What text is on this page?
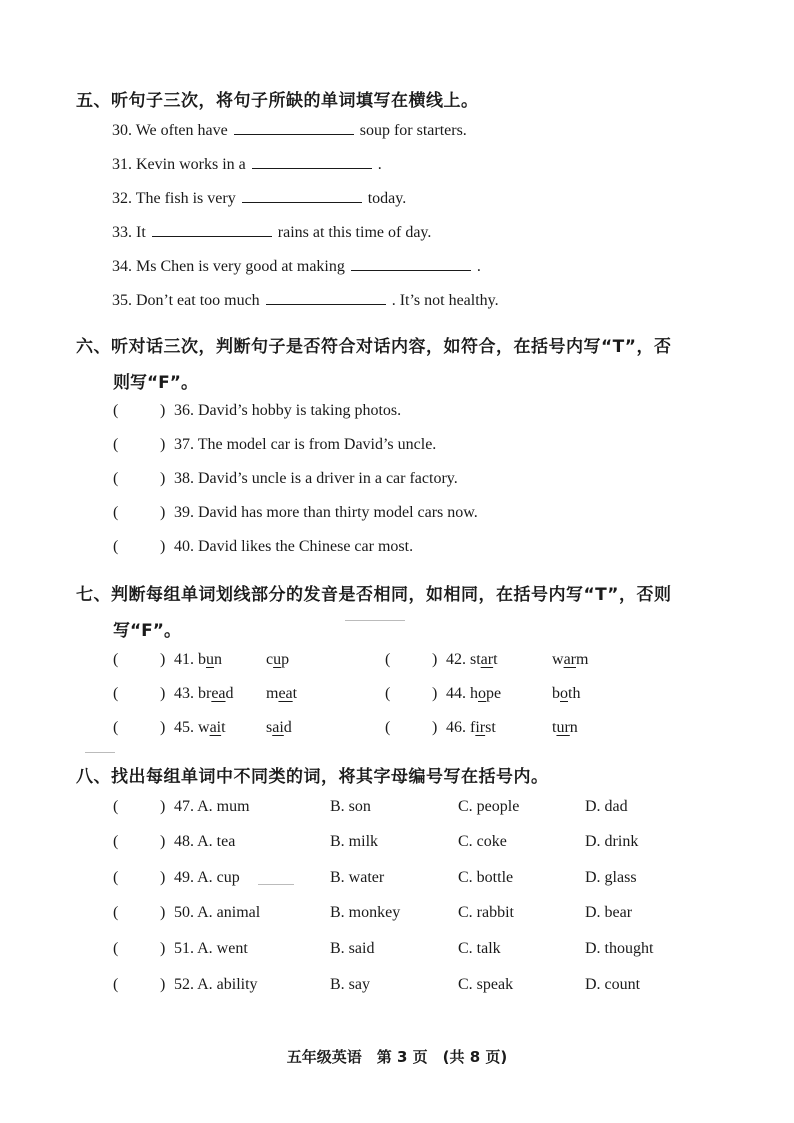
五、听句子三次，将句子所缺的单词填写在横线上。
30. We often have	soup for starters.
31. Kevin works in a	.
32. The fish is very	today.
33. It	rains at this time of day.
34. Ms Chen is very good at making	.
35. Don’t eat too much	. It’s not healthy.
六、听对话三次，判断句子是否符合对话内容，如符合，在括号内写“T”，否
则写“F”。
(	) 36. David’s hobby is taking photos.
(	) 37. The model car is from David’s uncle.
(	) 38. David’s uncle is a driver in a car factory.
(	) 39. David has more than thirty model cars now.
(	) 40. David likes the Chinese car most.
七、判断每组单词划线部分的发音是否相同，如相同，在括号内写“T”，否则
写“F”。
(	) 41. bun	cup	(	) 42. start	warm
(	) 43. bread meat	(	) 44. hope	both
(	) 45. wait	said	(	) 46. first	turn
八、找出每组单词中不同类的词，将其字母编号写在括号内。
(	) 47. A. mum	B. son	C. people	D. dad
(	) 48. A. tea	B. milk	C. coke	D. drink
(	) 49. A. cup	B. water	C. bottle	D. glass
(	) 50. A. animal	B. monkey	C. rabbit	D. bear
(	) 51. A. went	B. said	C. talk	D. thought
(	) 52. A. ability	B. say	C. speak	D. count
五年级英语　第 3 页　(共 8 页)
